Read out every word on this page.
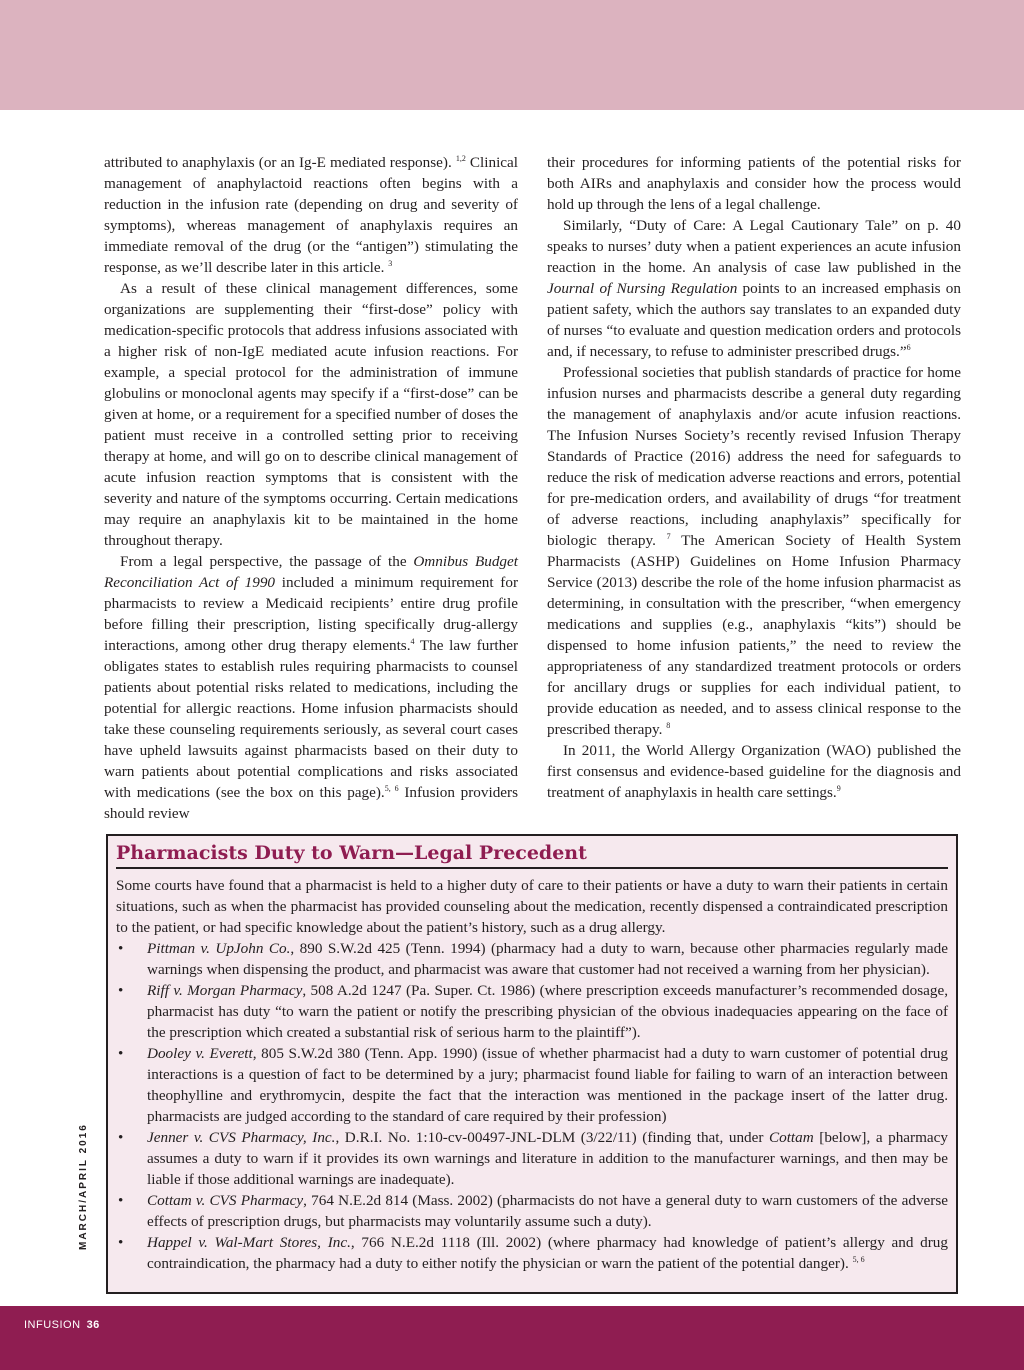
attributed to anaphylaxis (or an Ig-E mediated response). $^{1,2}$ Clinical management of anaphylactoid reactions often begins with a reduction in the infusion rate (depending on drug and severity of symptoms), whereas management of anaphylaxis requires an immediate removal of the drug (or the “antigen”) stimulating the response, as we’ll describe later in this article. $^3$

As a result of these clinical management differences, some organizations are supplementing their “first-dose” policy with medication-specific protocols that address infusions associated with a higher risk of non-IgE mediated acute infusion reactions. For example, a special protocol for the administration of immune globulins or monoclonal agents may specify if a “first-dose” can be given at home, or a requirement for a specified number of doses the patient must receive in a controlled setting prior to receiving therapy at home, and will go on to describe clinical management of acute infusion reaction symptoms that is consistent with the severity and nature of the symptoms occurring. Certain medications may require an anaphylaxis kit to be maintained in the home throughout therapy.

From a legal perspective, the passage of the Omnibus Budget Reconciliation Act of 1990 included a minimum requirement for pharmacists to review a Medicaid recipients’ entire drug profile before filling their prescription, listing specifically drug-allergy interactions, among other drug therapy elements.$^4$ The law further obligates states to establish rules requiring pharmacists to counsel patients about potential risks related to medications, including the potential for allergic reactions. Home infusion pharmacists should take these counseling requirements seriously, as several court cases have upheld lawsuits against pharmacists based on their duty to warn patients about potential complications and risks associated with medications (see the box on this page).$^{5, 6}$ Infusion providers should review

their procedures for informing patients of the potential risks for both AIRs and anaphylaxis and consider how the process would hold up through the lens of a legal challenge.

Similarly, “Duty of Care: A Legal Cautionary Tale” on p. 40 speaks to nurses’ duty when a patient experiences an acute infusion reaction in the home. An analysis of case law published in the Journal of Nursing Regulation points to an increased emphasis on patient safety, which the authors say translates to an expanded duty of nurses “to evaluate and question medication orders and protocols and, if necessary, to refuse to administer prescribed drugs.”$^6$

Professional societies that publish standards of practice for home infusion nurses and pharmacists describe a general duty regarding the management of anaphylaxis and/or acute infusion reactions. The Infusion Nurses Society’s recently revised Infusion Therapy Standards of Practice (2016) address the need for safeguards to reduce the risk of medication adverse reactions and errors, potential for pre-medication orders, and availability of drugs “for treatment of adverse reactions, including anaphylaxis” specifically for biologic therapy. $^7$ The American Society of Health System Pharmacists (ASHP) Guidelines on Home Infusion Pharmacy Service (2013) describe the role of the home infusion pharmacist as determining, in consultation with the prescriber, “when emergency medications and supplies (e.g., anaphylaxis “kits”) should be dispensed to home infusion patients,” the need to review the appropriateness of any standardized treatment protocols or orders for ancillary drugs or supplies for each individual patient, to provide education as needed, and to assess clinical response to the prescribed therapy. $^8$

In 2011, the World Allergy Organization (WAO) published the first consensus and evidence-based guideline for the diagnosis and treatment of anaphylaxis in health care settings.$^9$

Pharmacists Duty to Warn—Legal Precedent

Some courts have found that a pharmacist is held to a higher duty of care to their patients or have a duty to warn their patients in certain situations, such as when the pharmacist has provided counseling about the medication, recently dispensed a contraindicated prescription to the patient, or had specific knowledge about the patient’s history, such as a drug allergy.

• Pittman v. UpJohn Co., 890 S.W.2d 425 (Tenn. 1994) (pharmacy had a duty to warn, because other pharmacies regularly made warnings when dispensing the product, and pharmacist was aware that customer had not received a warning from her physician).
• Riff v. Morgan Pharmacy, 508 A.2d 1247 (Pa. Super. Ct. 1986) (where prescription exceeds manufacturer’s recommended dosage, pharmacist has duty “to warn the patient or notify the prescribing physician of the obvious inadequacies appearing on the face of the prescription which created a substantial risk of serious harm to the plaintiff”).
• Dooley v. Everett, 805 S.W.2d 380 (Tenn. App. 1990) (issue of whether pharmacist had a duty to warn customer of potential drug interactions is a question of fact to be determined by a jury; pharmacist found liable for failing to warn of an interaction between theophylline and erythromycin, despite the fact that the interaction was mentioned in the package insert of the latter drug. pharmacists are judged according to the standard of care required by their profession)
• Jenner v. CVS Pharmacy, Inc., D.R.I. No. 1:10-cv-00497-JNL-DLM (3/22/11) (finding that, under Cottam [below], a pharmacy assumes a duty to warn if it provides its own warnings and literature in addition to the manufacturer warnings, and then may be liable if those additional warnings are inadequate).
• Cottam v. CVS Pharmacy, 764 N.E.2d 814 (Mass. 2002) (pharmacists do not have a general duty to warn customers of the adverse effects of prescription drugs, but pharmacists may voluntarily assume such a duty).
• Happel v. Wal-Mart Stores, Inc., 766 N.E.2d 1118 (Ill. 2002) (where pharmacy had knowledge of patient’s allergy and drug contraindication, the pharmacy had a duty to either notify the physician or warn the patient of the potential danger). $^{5, 6}$
MARCH/APRIL 2016
INFUSION 36
